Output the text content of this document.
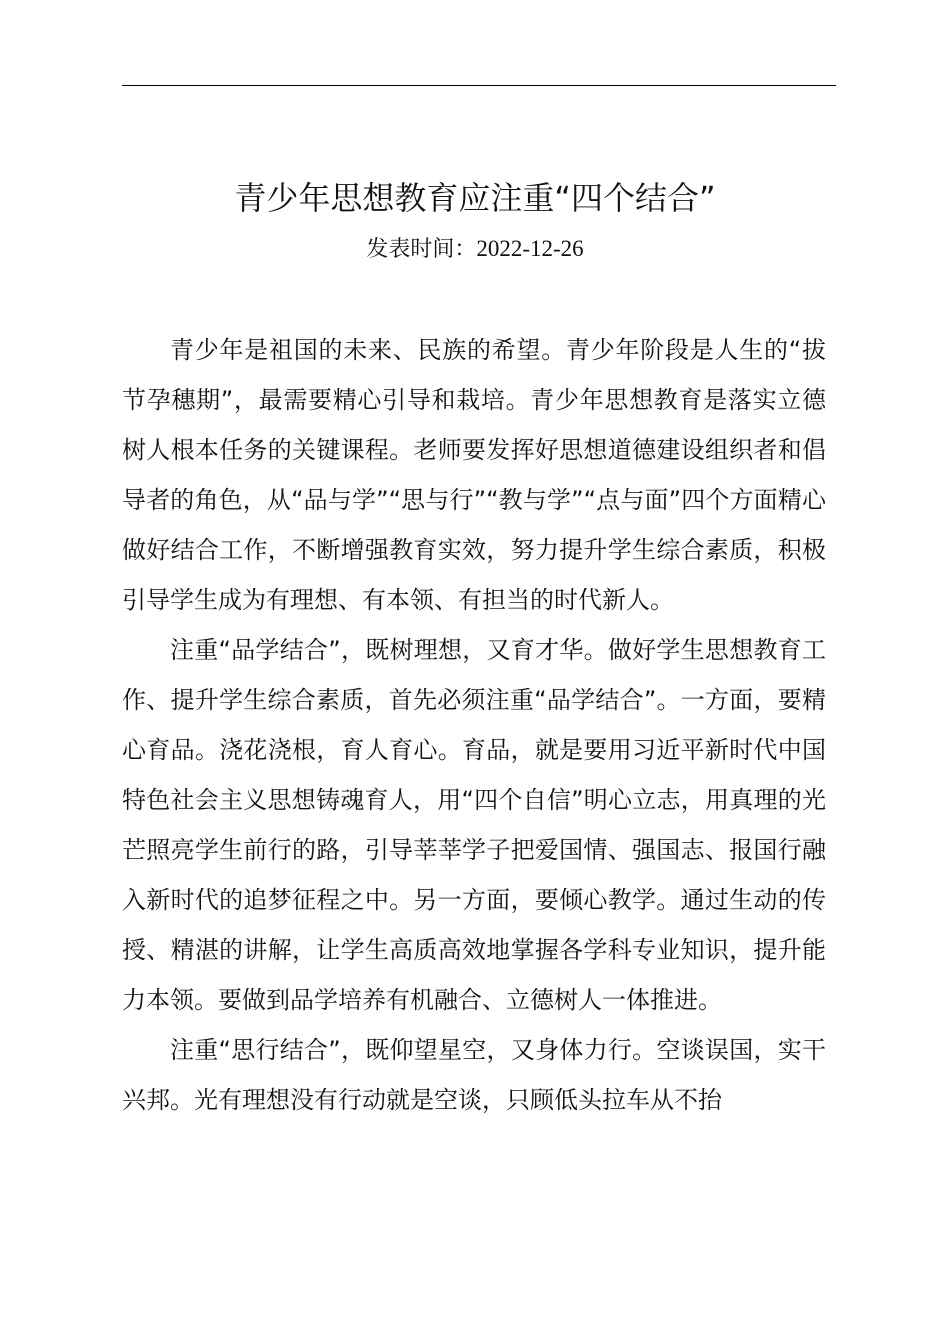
青少年思想教育应注重“四个结合”
发表时间：2022-12-26

青少年是祖国的未来、民族的希望。青少年阶段是人生的“拔节孕穗期”，最需要精心引导和栽培。青少年思想教育是落实立德树人根本任务的关键课程。老师要发挥好思想道德建设组织者和倡导者的角色，从“品与学”“思与行”“教与学”“点与面”四个方面精心做好结合工作，不断增强教育实效，努力提升学生综合素质，积极引导学生成为有理想、有本领、有担当的时代新人。

注重“品学结合”，既树理想，又育才华。做好学生思想教育工作、提升学生综合素质，首先必须注重“品学结合”。一方面，要精心育品。浇花浇根，育人育心。育品，就是要用习近平新时代中国特色社会主义思想铸魂育人，用“四个自信”明心立志，用真理的光芒照亮学生前行的路，引导莘莘学子把爱国情、强国志、报国行融入新时代的追梦征程之中。另一方面，要倾心教学。通过生动的传授、精湛的讲解，让学生高质高效地掌握各学科专业知识，提升能力本领。要做到品学培养有机融合、立德树人一体推进。

注重“思行结合”，既仰望星空，又身体力行。空谈误国，实干兴邦。光有理想没有行动就是空谈，只顾低头拉车从不抬
